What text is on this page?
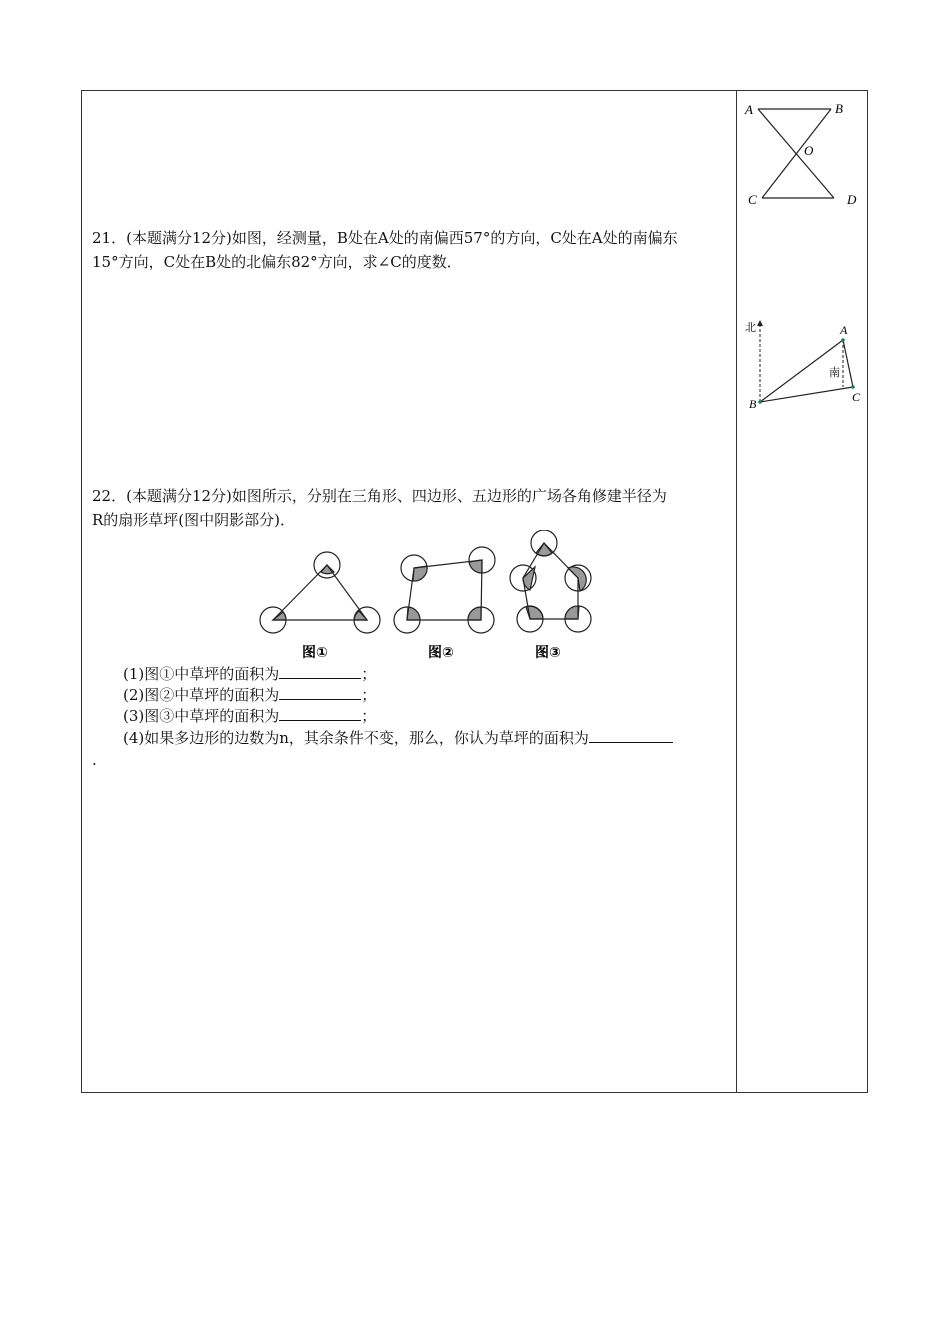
21．(本题满分12分)如图，经测量，B处在A处的南偏西57°的方向，C处在A处的南偏东
15°方向，C处在B处的北偏东82°方向，求∠C的度数．
22．(本题满分12分)如图所示，分别在三角形、四边形、五边形的广场各角修建半径为
R的扇形草坪(图中阴影部分)．
图①	图②	图③
(1)图①中草坪的面积为	；
(2)图②中草坪的面积为	；
(3)图③中草坪的面积为	；
(4)如果多边形的边数为n，其余条件不变，那么，你认为草坪的面积为
.
A	B
O
C	D
北
南
A
B	C
